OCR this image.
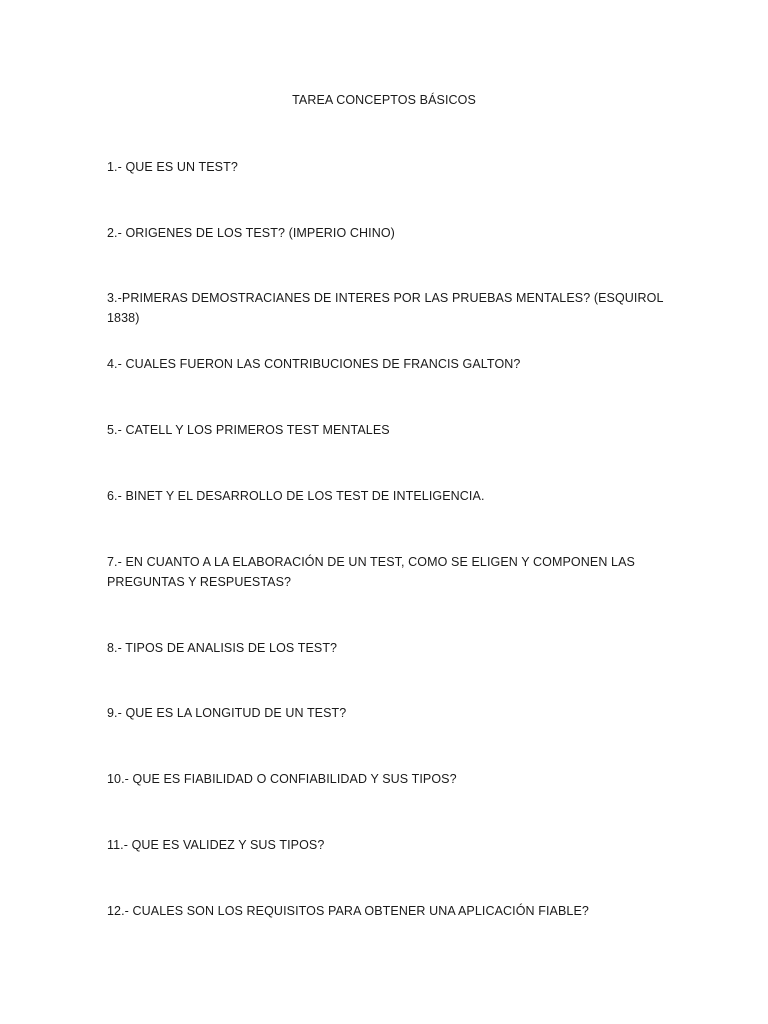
TAREA CONCEPTOS BÁSICOS
1.- QUE ES UN TEST?
2.- ORIGENES DE LOS TEST? (IMPERIO CHINO)
3.-PRIMERAS DEMOSTRACIANES DE INTERES POR LAS PRUEBAS MENTALES? (ESQUIROL 1838)
4.- CUALES FUERON LAS CONTRIBUCIONES DE FRANCIS GALTON?
5.- CATELL Y LOS PRIMEROS TEST MENTALES
6.- BINET Y EL DESARROLLO DE LOS TEST DE INTELIGENCIA.
7.- EN CUANTO A LA ELABORACIÓN DE UN TEST, COMO SE ELIGEN Y COMPONEN LAS PREGUNTAS Y RESPUESTAS?
8.- TIPOS DE ANALISIS DE LOS TEST?
9.- QUE ES LA LONGITUD DE UN TEST?
10.- QUE ES FIABILIDAD O CONFIABILIDAD Y SUS TIPOS?
11.- QUE ES VALIDEZ Y SUS TIPOS?
12.- CUALES SON LOS REQUISITOS PARA OBTENER UNA APLICACIÓN FIABLE?
